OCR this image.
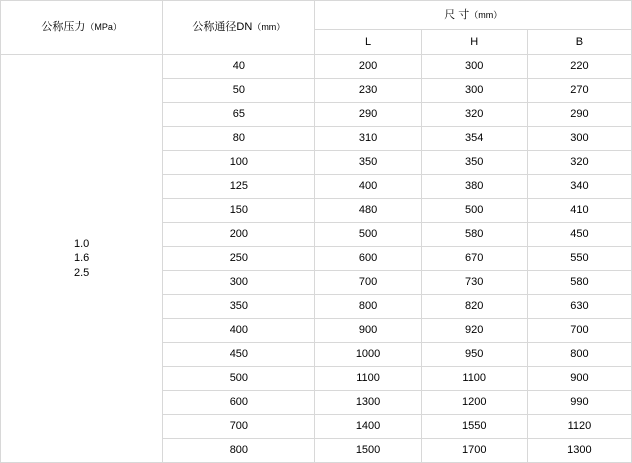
公称压力（MPa）	公称通径DN（mm）	尺 寸（mm）		
		L	H	B

1.0
1.6
2.5	40	200	300	220
	50	230	300	270
	65	290	320	290
	80	310	354	300
	100	350	350	320
	125	400	380	340
	150	480	500	410
	200	500	580	450
	250	600	670	550
	300	700	730	580
	350	800	820	630
	400	900	920	700
	450	1000	950	800
	500	1100	1100	900
	600	1300	1200	990
	700	1400	1550	1120
	800	1500	1700	1300
